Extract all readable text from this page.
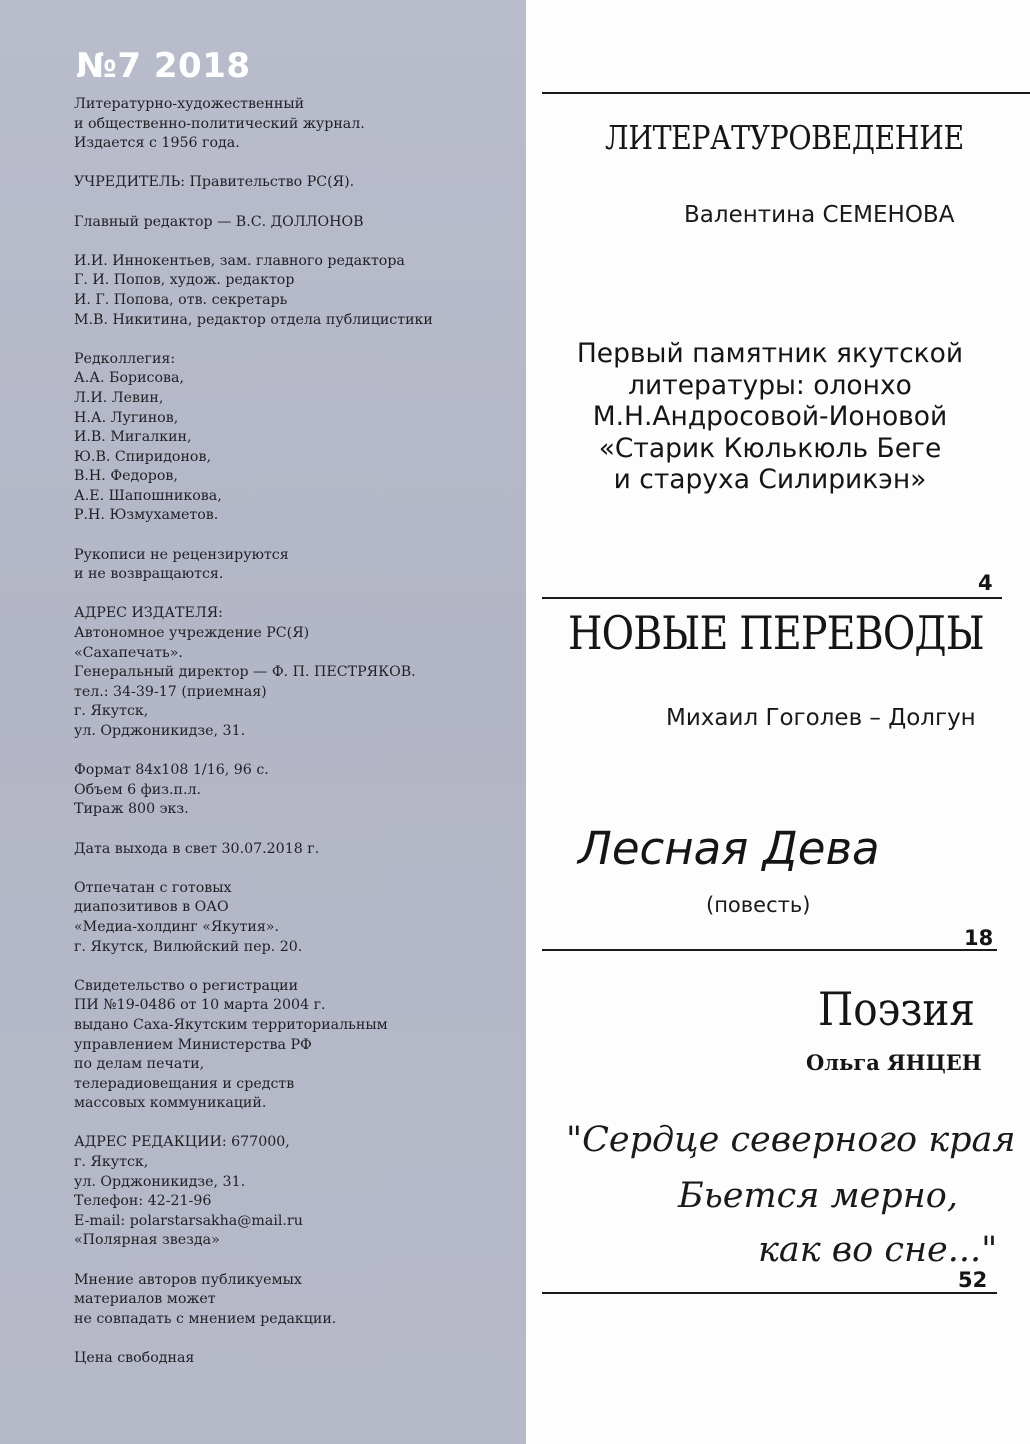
№7 2018
Литературно-художественный
и общественно-политический журнал.
Издается с 1956 года.
УЧРЕДИТЕЛЬ: Правительство РС(Я).
Главный редактор — В.С. ДОЛЛОНОВ
И.И. Иннокентьев, зам. главного редактора
Г. И. Попов, худож. редактор
И. Г. Попова, отв. секретарь
М.В. Никитина, редактор отдела публицистики
Редколлегия:
А.А. Борисова,
Л.И. Левин,
Н.А. Лугинов,
И.В. Мигалкин,
Ю.В. Спиридонов,
В.Н. Федоров,
А.Е. Шапошникова,
Р.Н. Юзмухаметов.
Рукописи не рецензируются
и не возвращаются.
АДРЕС ИЗДАТЕЛЯ:
Автономное учреждение РС(Я)
«Сахапечать».
Генеральный директор — Ф. П. ПЕСТРЯКОВ.
тел.: 34-39-17 (приемная)
г. Якутск,
ул. Орджоникидзе, 31.
Формат 84х108 1/16, 96 с.
Объем 6 физ.п.л.
Тираж 800 экз.
Дата выхода в свет 30.07.2018 г.
Отпечатан с готовых
диапозитивов в ОАО
«Медиа-холдинг «Якутия».
г. Якутск, Вилюйский пер. 20.
Свидетельство о регистрации
ПИ №19-0486 от 10 марта 2004 г.
выдано Саха-Якутским территориальным
управлением Министерства РФ
по делам печати,
телерадиовещания и средств
массовых коммуникаций.
АДРЕС РЕДАКЦИИ: 677000,
г. Якутск,
ул. Орджоникидзе, 31.
Телефон: 42-21-96
E-mail: polarstarsakha@mail.ru
«Полярная звезда»
Мнение авторов публикуемых
материалов может
не совпадать с мнением редакции.
Цена свободная
ЛИТЕРАТУРОВЕДЕНИЕ
Валентина СЕМЕНОВА
Первый памятник якутской
литературы: олонхо
М.Н.Андросовой-Ионовой
«Старик Кюлькюль Беге
и старуха Силирикэн»
4
НОВЫЕ ПЕРЕВОДЫ
Михаил Гоголев – Долгун
Лесная Дева
(повесть)
18
Поэзия
Ольга ЯНЦЕН
"Сердце северного края
Бьется мерно,
как во сне..."
52
